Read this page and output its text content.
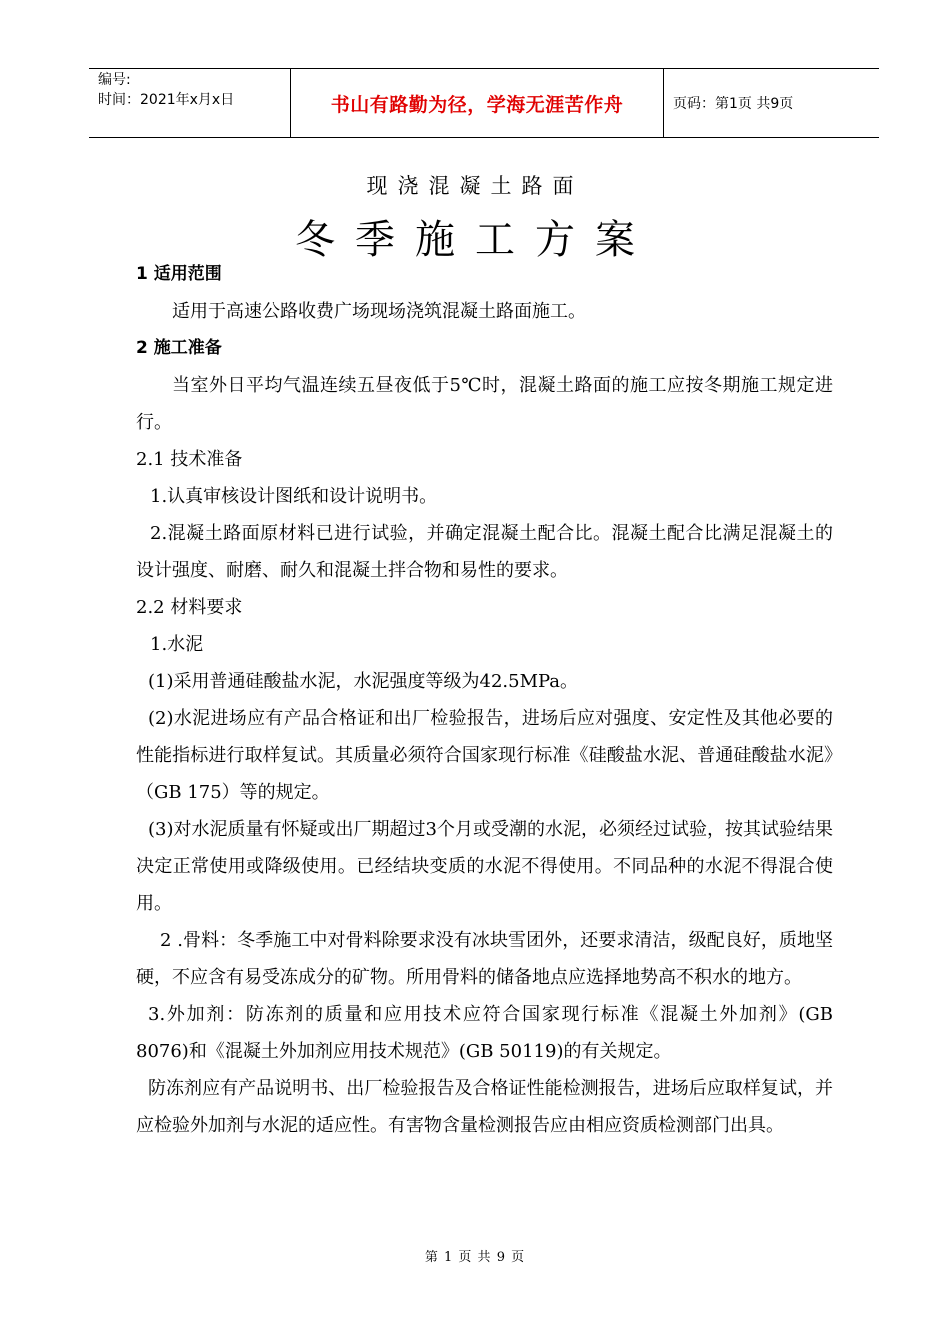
编号:
时间：2021年x月x日	书山有路勤为径，学海无涯苦作舟	页码：第1页 共9页
现浇混凝土路面
冬季施工方案

1 适用范围

适用于高速公路收费广场现场浇筑混凝土路面施工。

2 施工准备

当室外日平均气温连续五昼夜低于5℃时，混凝土路面的施工应按冬期施工规定进行。

2.1 技术准备

1.认真审核设计图纸和设计说明书。

2.混凝土路面原材料已进行试验，并确定混凝土配合比。混凝土配合比满足混凝土的设计强度、耐磨、耐久和混凝土拌合物和易性的要求。

2.2 材料要求

1.水泥

(1)采用普通硅酸盐水泥，水泥强度等级为42.5MPa。

(2)水泥进场应有产品合格证和出厂检验报告，进场后应对强度、安定性及其他必要的性能指标进行取样复试。其质量必须符合国家现行标准《硅酸盐水泥、普通硅酸盐水泥》（GB 175）等的规定。

(3)对水泥质量有怀疑或出厂期超过3个月或受潮的水泥，必须经过试验，按其试验结果决定正常使用或降级使用。已经结块变质的水泥不得使用。不同品种的水泥不得混合使用。

2 .骨料：冬季施工中对骨料除要求没有冰块雪团外，还要求清洁，级配良好，质地坚硬，不应含有易受冻成分的矿物。所用骨料的储备地点应选择地势高不积水的地方。

3.外加剂：防冻剂的质量和应用技术应符合国家现行标准《混凝土外加剂》(GB 8076)和《混凝土外加剂应用技术规范》(GB 50119)的有关规定。

防冻剂应有产品说明书、出厂检验报告及合格证性能检测报告，进场后应取样复试，并应检验外加剂与水泥的适应性。有害物含量检测报告应由相应资质检测部门出具。

第 1 页 共 9 页
